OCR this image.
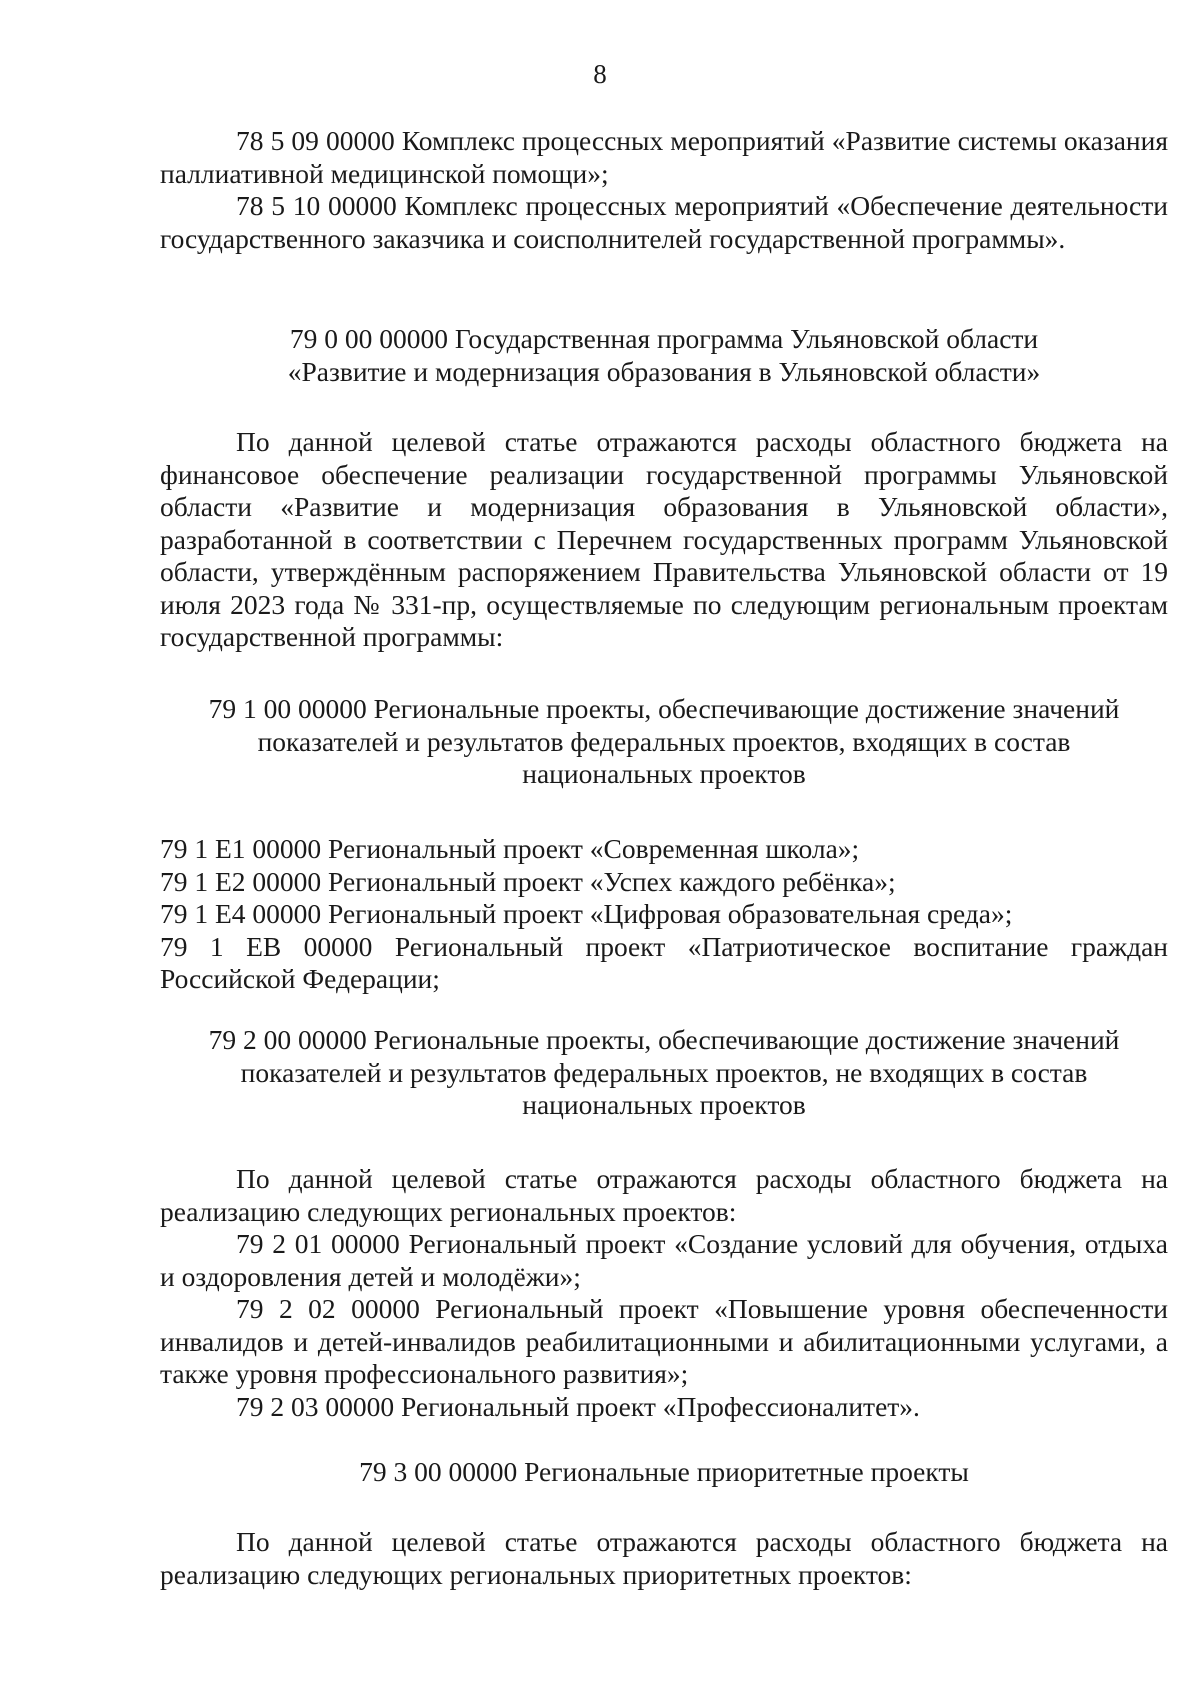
8

78 5 09 00000 Комплекс процессных мероприятий «Развитие системы оказания паллиативной медицинской помощи»;

78 5 10 00000 Комплекс процессных мероприятий «Обеспечение деятельности государственного заказчика и соисполнителей государственной программы».

79 0 00 00000 Государственная программа Ульяновской области

«Развитие и модернизация образования в Ульяновской области»

По данной целевой статье отражаются расходы областного бюджета на финансовое обеспечение реализации государственной программы Ульяновской области «Развитие и модернизация образования в Ульяновской области», разработанной в соответствии с Перечнем государственных программ Ульяновской области, утверждённым распоряжением Правительства Ульяновской области от 19 июля 2023 года № 331-пр, осуществляемые по следующим региональным проектам государственной программы:

79 1 00 00000 Региональные проекты, обеспечивающие достижение значений

показателей и результатов федеральных проектов, входящих в состав

национальных проектов

79 1 E1 00000 Региональный проект «Современная школа»;

79 1 E2 00000 Региональный проект «Успех каждого ребёнка»;

79 1 E4 00000 Региональный проект «Цифровая образовательная среда»;

79 1 EВ 00000 Региональный проект «Патриотическое воспитание граждан Российской Федерации;

79 2 00 00000 Региональные проекты, обеспечивающие достижение значений

показателей и результатов федеральных проектов, не входящих в состав

национальных проектов

По данной целевой статье отражаются расходы областного бюджета на реализацию следующих региональных проектов:

79 2 01 00000 Региональный проект «Создание условий для обучения, отдыха и оздоровления детей и молодёжи»;

79 2 02 00000 Региональный проект «Повышение уровня обеспеченности инвалидов и детей-инвалидов реабилитационными и абилитационными услугами, а также уровня профессионального развития»;

79 2 03 00000 Региональный проект «Профессионалитет».

79 3 00 00000 Региональные приоритетные проекты

По данной целевой статье отражаются расходы областного бюджета на реализацию следующих региональных приоритетных проектов:
